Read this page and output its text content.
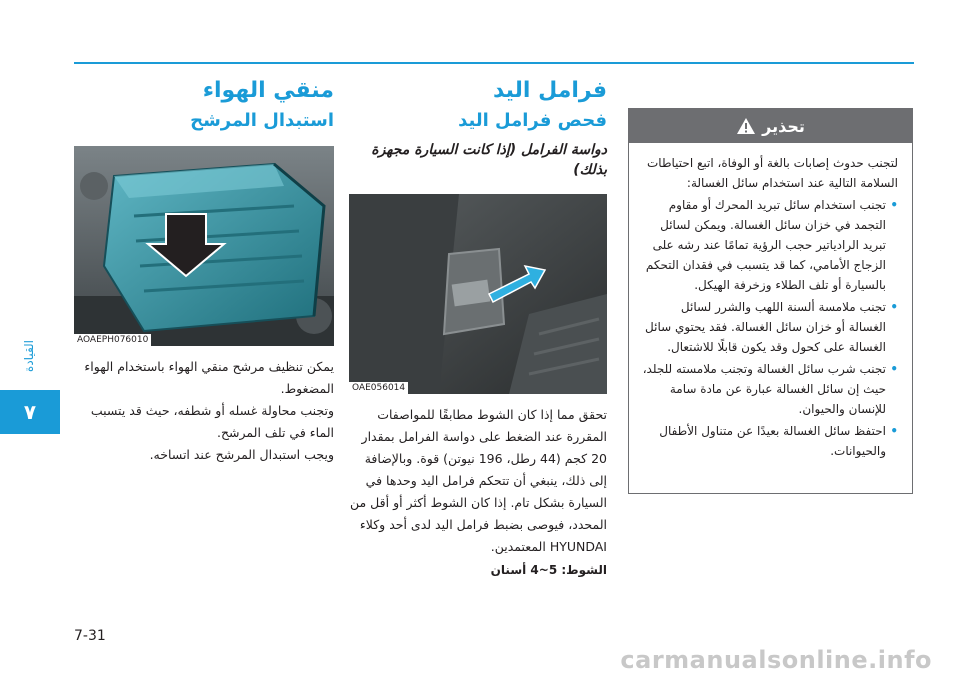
القيادة
٧
منقي الهواء
استبدال المرشح
AOAEPH076010

يمكن تنظيف مرشح منقي الهواء باستخدام الهواء المضغوط.

وتجنب محاولة غسله أو شطفه، حيث قد يتسبب الماء في تلف المرشح.

ويجب استبدال المرشح عند اتساخه.

فرامل اليد
فحص فرامل اليد
دواسة الفرامل (إذا كانت السيارة مجهزة بذلك)
OAE056014

تحقق مما إذا كان الشوط مطابقًا للمواصفات المقررة عند الضغط على دواسة الفرامل بمقدار 20 كجم (44 رطل، 196 نيوتن) قوة. وبالإضافة إلى ذلك، ينبغي أن تتحكم فرامل اليد وحدها في السيارة بشكل تام. إذا كان الشوط أكثر أو أقل من المحدد، فيوصى بضبط فرامل اليد لدى أحد وكلاء HYUNDAI المعتمدين.

الشوط: 5~4 أسنان
تحذير

لتجنب حدوث إصابات بالغة أو الوفاة، اتبع احتياطات السلامة التالية عند استخدام سائل الغسالة:

• تجنب استخدام سائل تبريد المحرك أو مقاوم التجمد في خزان سائل الغسالة. ويمكن لسائل تبريد الرادياتير حجب الرؤية تمامًا عند رشه على الزجاج الأمامي، كما قد يتسبب في فقدان التحكم بالسيارة أو تلف الطلاء وزخرفة الهيكل.
• تجنب ملامسة ألسنة اللهب والشرر لسائل الغسالة أو خزان سائل الغسالة. فقد يحتوي سائل الغسالة على كحول وقد يكون قابلًا للاشتعال.
• تجنب شرب سائل الغسالة وتجنب ملامسته للجلد، حيث إن سائل الغسالة عبارة عن مادة سامة للإنسان والحيوان.
• احتفظ سائل الغسالة بعيدًا عن متناول الأطفال والحيوانات.
7-31
carmanualsonline.info
